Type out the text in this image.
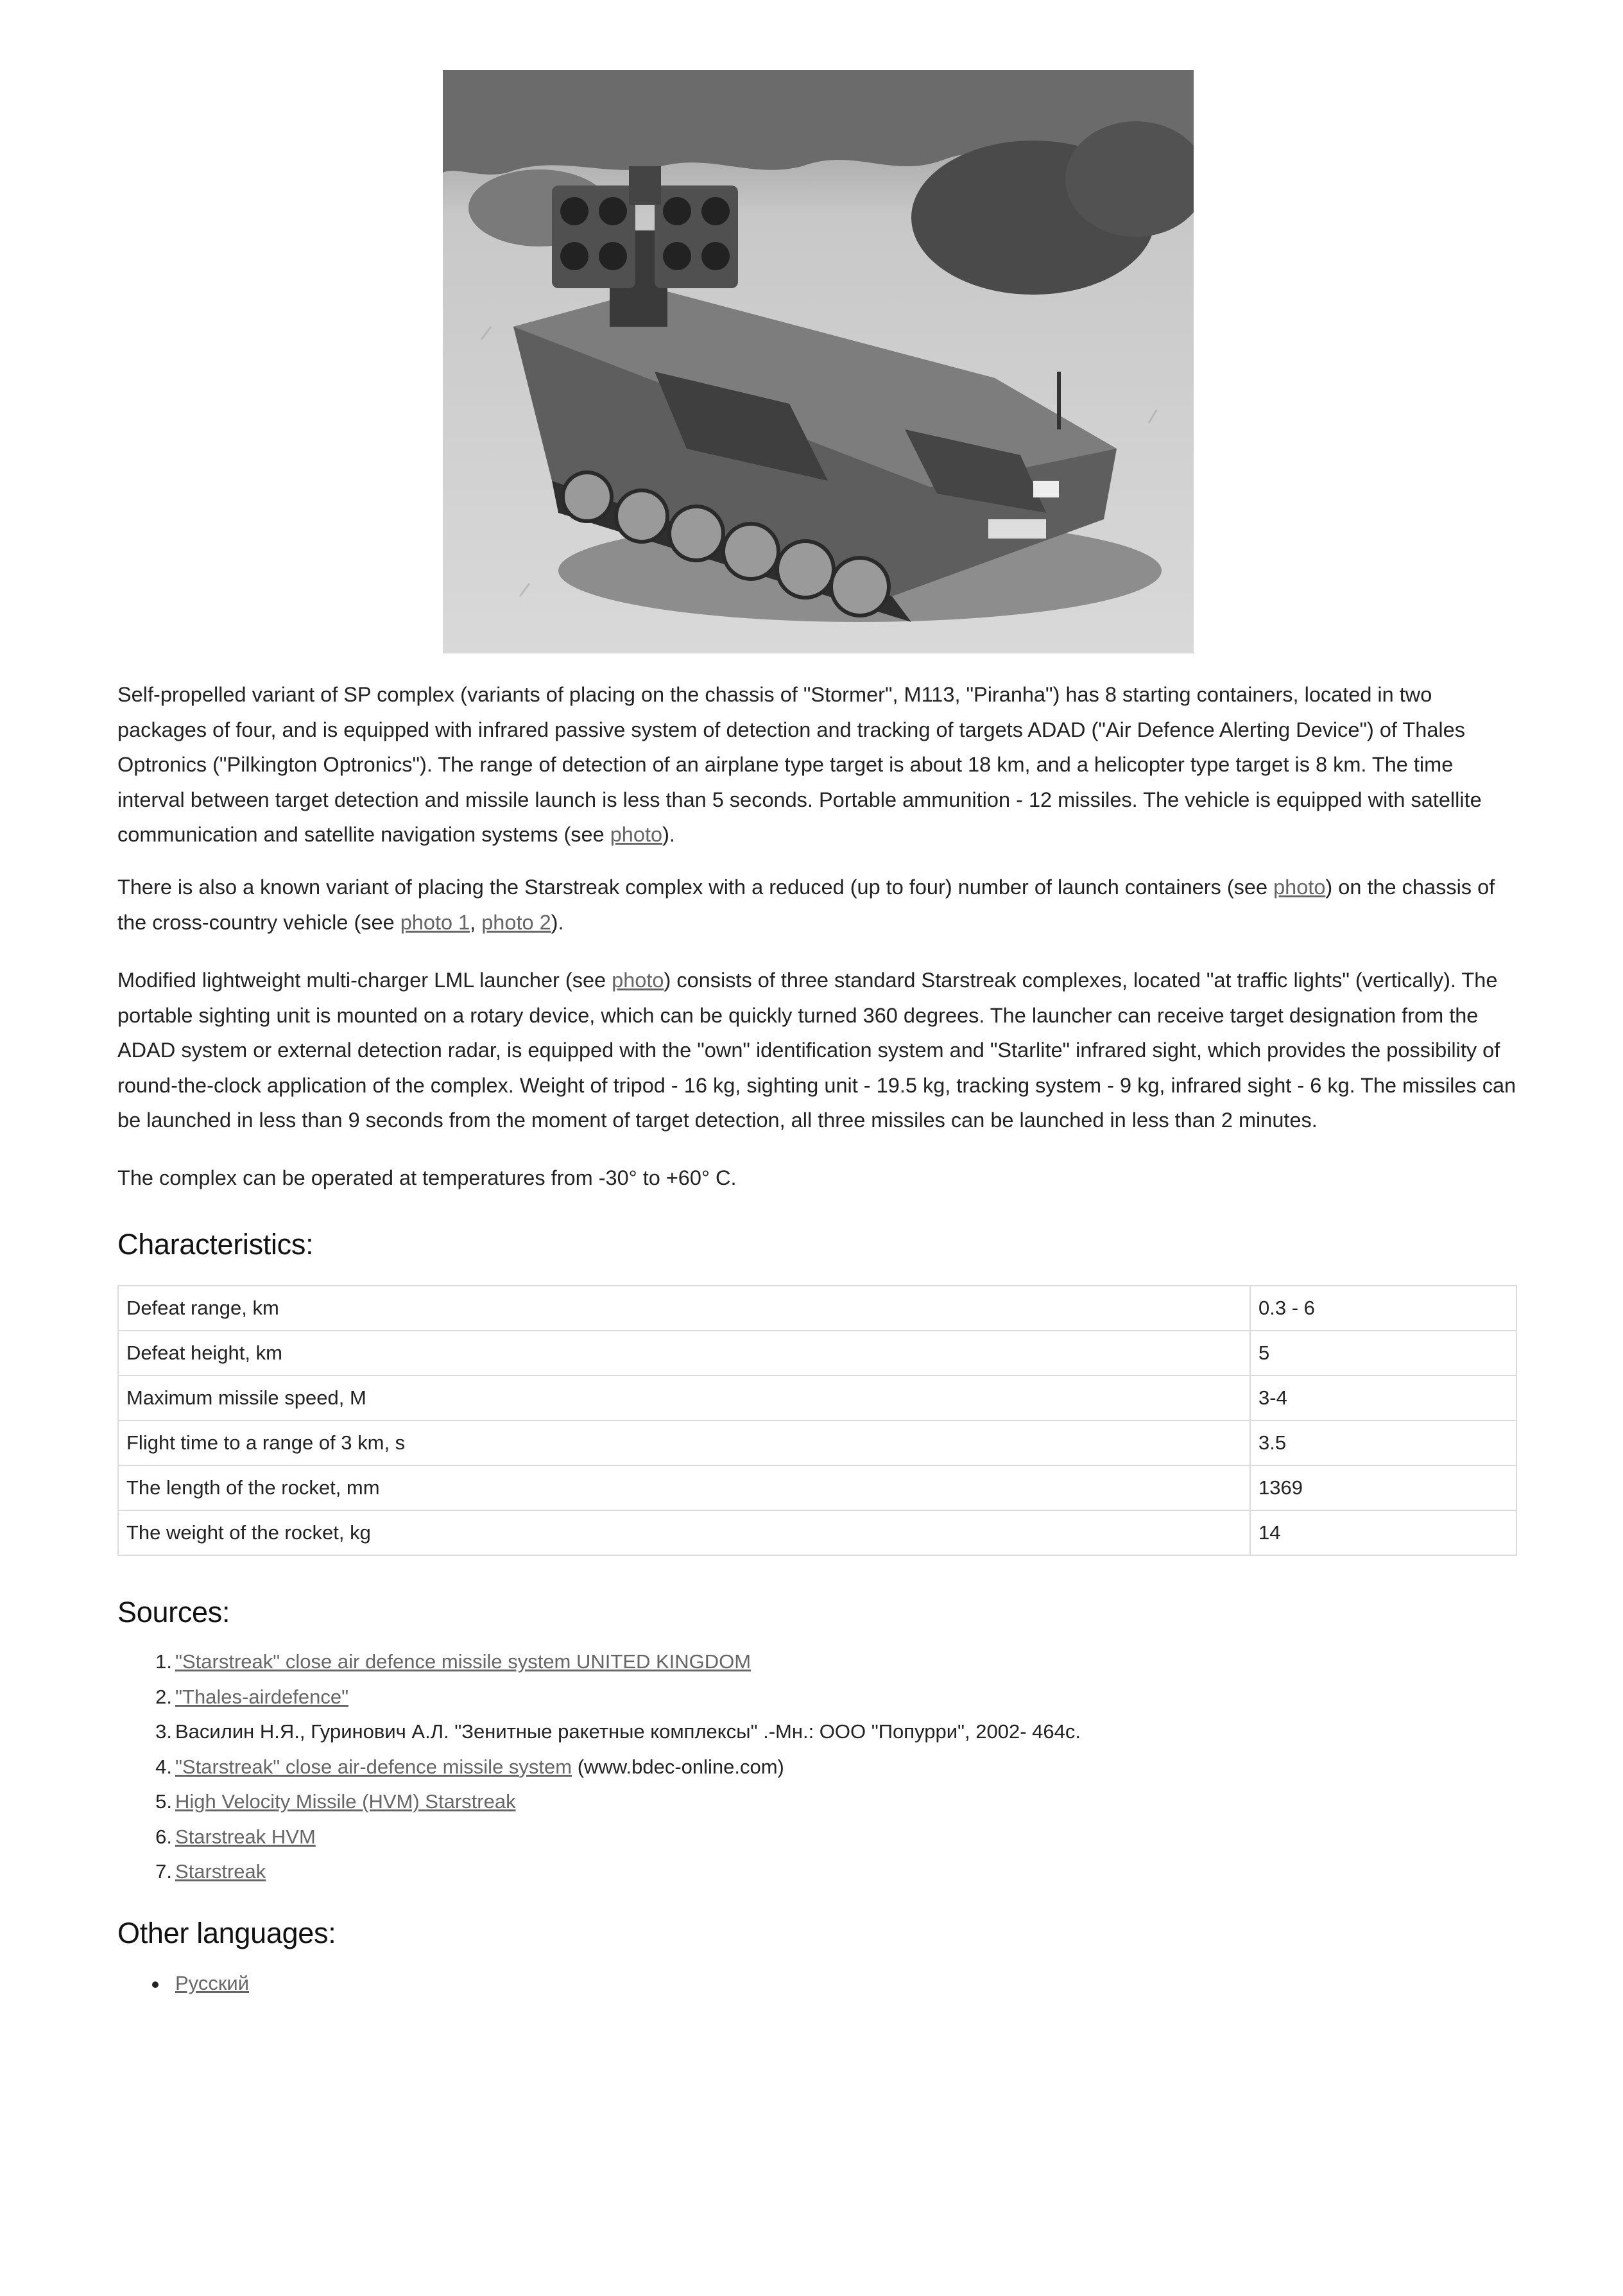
Self-propelled variant of SP complex (variants of placing on the chassis of "Stormer", M113, "Piranha") has 8 starting containers, located in two packages of four, and is equipped with infrared passive system of detection and tracking of targets ADAD ("Air Defence Alerting Device") of Thales Optronics ("Pilkington Optronics"). The range of detection of an airplane type target is about 18 km, and a helicopter type target is 8 km. The time interval between target detection and missile launch is less than 5 seconds. Portable ammunition - 12 missiles. The vehicle is equipped with satellite communication and satellite navigation systems (see photo).

There is also a known variant of placing the Starstreak complex with a reduced (up to four) number of launch containers (see photo) on the chassis of the cross-country vehicle (see photo 1, photo 2).

Modified lightweight multi-charger LML launcher (see photo) consists of three standard Starstreak complexes, located "at traffic lights" (vertically). The portable sighting unit is mounted on a rotary device, which can be quickly turned 360 degrees. The launcher can receive target designation from the ADAD system or external detection radar, is equipped with the "own" identification system and "Starlite" infrared sight, which provides the possibility of round-the-clock application of the complex. Weight of tripod - 16 kg, sighting unit - 19.5 kg, tracking system - 9 kg, infrared sight - 6 kg. The missiles can be launched in less than 9 seconds from the moment of target detection, all three missiles can be launched in less than 2 minutes.

The complex can be operated at temperatures from -30° to +60° C.

Characteristics:
Defeat range, km	0.3 - 6
Defeat height, km	5
Maximum missile speed, M	3-4
Flight time to a range of 3 km, s	3.5
The length of the rocket, mm	1369
The weight of the rocket, kg	14
Sources:
1. "Starstreak" close air defence missile system UNITED KINGDOM
2. "Thales-airdefence"
3. Василин Н.Я., Гуринович А.Л. "Зенитные ракетные комплексы" .-Мн.: ООО "Попурри", 2002- 464с.
4. "Starstreak" close air-defence missile system (www.bdec-online.com)
5. High Velocity Missile (HVM) Starstreak
6. Starstreak HVM
7. Starstreak
Other languages:
Русский
